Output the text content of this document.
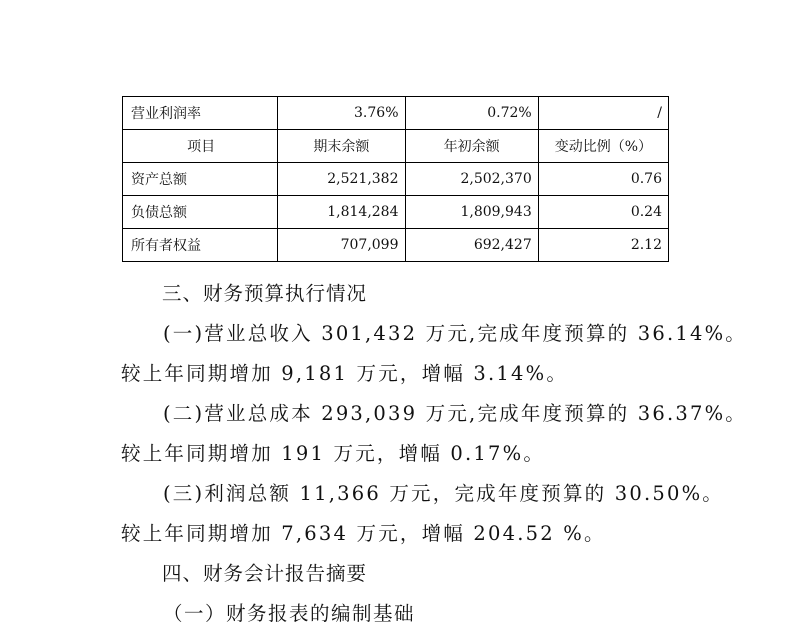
营业利润率	3.76%	0.72%	/
项目	期末余额	年初余额	变动比例（%）
资产总额	2,521,382	2,502,370	0.76
负债总额	1,814,284	1,809,943	0.24
所有者权益	707,099	692,427	2.12
三、财务预算执行情况
(一)营业总收入 301,432 万元,完成年度预算的 36.14%。
较上年同期增加 9,181 万元，增幅 3.14%。
(二)营业总成本 293,039 万元,完成年度预算的 36.37%。
较上年同期增加 191 万元，增幅 0.17%。
(三)利润总额 11,366 万元，完成年度预算的 30.50%。
较上年同期增加 7,634 万元，增幅 204.52 %。
四、财务会计报告摘要
（一）财务报表的编制基础
